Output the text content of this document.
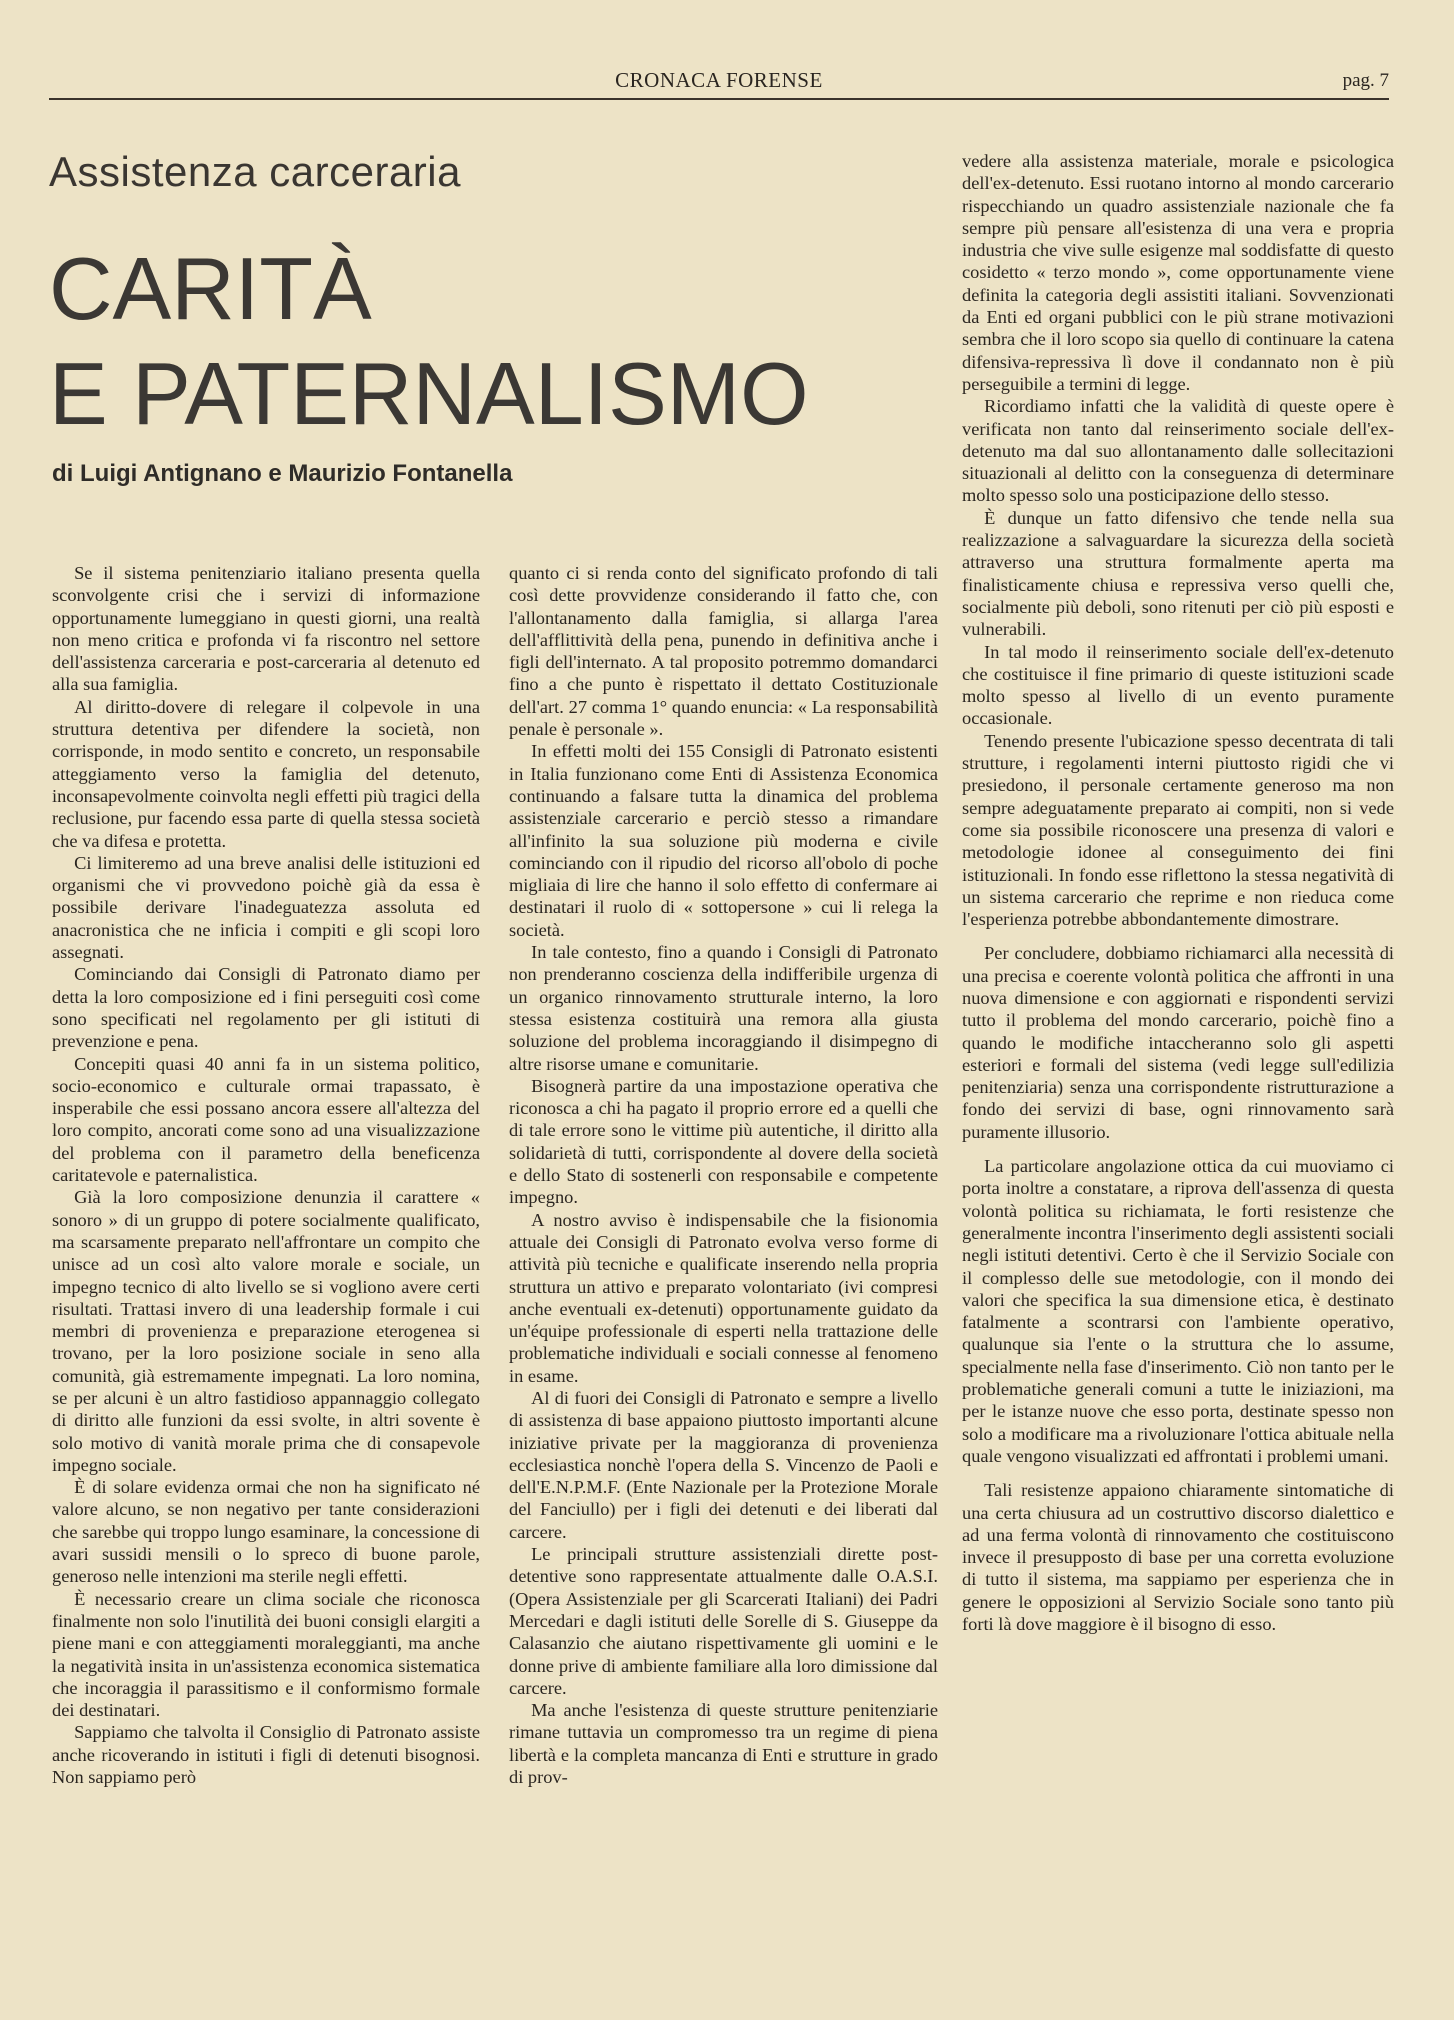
CRONACA FORENSE	pag. 7
Assistenza carceraria
CARITÀ
E PATERNALISMO
di Luigi Antignano e Maurizio Fontanella

Se il sistema penitenziario italiano presenta quella sconvolgente crisi che i servizi di informazione opportunamente lumeggiano in questi giorni, una realtà non meno critica e profonda vi fa riscontro nel settore dell'assistenza carceraria e post-carceraria al detenuto ed alla sua famiglia.

Al diritto-dovere di relegare il colpevole in una struttura detentiva per difendere la società, non corrisponde, in modo sentito e concreto, un responsabile atteggiamento verso la famiglia del detenuto, inconsapevolmente coinvolta negli effetti più tragici della reclusione, pur facendo essa parte di quella stessa società che va difesa e protetta.

Ci limiteremo ad una breve analisi delle istituzioni ed organismi che vi provvedono poichè già da essa è possibile derivare l'inadeguatezza assoluta ed anacronistica che ne inficia i compiti e gli scopi loro assegnati.

Cominciando dai Consigli di Patronato diamo per detta la loro composizione ed i fini perseguiti così come sono specificati nel regolamento per gli istituti di prevenzione e pena.

Concepiti quasi 40 anni fa in un sistema politico, socio-economico e culturale ormai trapassato, è insperabile che essi possano ancora essere all'altezza del loro compito, ancorati come sono ad una visualizzazione del problema con il parametro della beneficenza caritatevole e paternalistica.

Già la loro composizione denunzia il carattere « sonoro » di un gruppo di potere socialmente qualificato, ma scarsamente preparato nell'affrontare un compito che unisce ad un così alto valore morale e sociale, un impegno tecnico di alto livello se si vogliono avere certi risultati. Trattasi invero di una leadership formale i cui membri di provenienza e preparazione eterogenea si trovano, per la loro posizione sociale in seno alla comunità, già estremamente impegnati. La loro nomina, se per alcuni è un altro fastidioso appannaggio collegato di diritto alle funzioni da essi svolte, in altri sovente è solo motivo di vanità morale prima che di consapevole impegno sociale.

È di solare evidenza ormai che non ha significato né valore alcuno, se non negativo per tante considerazioni che sarebbe qui troppo lungo esaminare, la concessione di avari sussidi mensili o lo spreco di buone parole, generoso nelle intenzioni ma sterile negli effetti.

È necessario creare un clima sociale che riconosca finalmente non solo l'inutilità dei buoni consigli elargiti a piene mani e con atteggiamenti moraleggianti, ma anche la negatività insita in un'assistenza economica sistematica che incoraggia il parassitismo e il conformismo formale dei destinatari.

Sappiamo che talvolta il Consiglio di Patronato assiste anche ricoverando in istituti i figli di detenuti bisognosi. Non sappiamo però

quanto ci si renda conto del significato profondo di tali così dette provvidenze considerando il fatto che, con l'allontanamento dalla famiglia, si allarga l'area dell'afflittività della pena, punendo in definitiva anche i figli dell'internato. A tal proposito potremmo domandarci fino a che punto è rispettato il dettato Costituzionale dell'art. 27 comma 1° quando enuncia: « La responsabilità penale è personale ».

In effetti molti dei 155 Consigli di Patronato esistenti in Italia funzionano come Enti di Assistenza Economica continuando a falsare tutta la dinamica del problema assistenziale carcerario e perciò stesso a rimandare all'infinito la sua soluzione più moderna e civile cominciando con il ripudio del ricorso all'obolo di poche migliaia di lire che hanno il solo effetto di confermare ai destinatari il ruolo di « sottopersone » cui li relega la società.

In tale contesto, fino a quando i Consigli di Patronato non prenderanno coscienza della indifferibile urgenza di un organico rinnovamento strutturale interno, la loro stessa esistenza costituirà una remora alla giusta soluzione del problema incoraggiando il disimpegno di altre risorse umane e comunitarie.

Bisognerà partire da una impostazione operativa che riconosca a chi ha pagato il proprio errore ed a quelli che di tale errore sono le vittime più autentiche, il diritto alla solidarietà di tutti, corrispondente al dovere della società e dello Stato di sostenerli con responsabile e competente impegno.

A nostro avviso è indispensabile che la fisionomia attuale dei Consigli di Patronato evolva verso forme di attività più tecniche e qualificate inserendo nella propria struttura un attivo e preparato volontariato (ivi compresi anche eventuali ex-detenuti) opportunamente guidato da un'équipe professionale di esperti nella trattazione delle problematiche individuali e sociali connesse al fenomeno in esame.

Al di fuori dei Consigli di Patronato e sempre a livello di assistenza di base appaiono piuttosto importanti alcune iniziative private per la maggioranza di provenienza ecclesiastica nonchè l'opera della S. Vincenzo de Paoli e dell'E.N.P.M.F. (Ente Nazionale per la Protezione Morale del Fanciullo) per i figli dei detenuti e dei liberati dal carcere.

Le principali strutture assistenziali dirette post-detentive sono rappresentate attualmente dalle O.A.S.I. (Opera Assistenziale per gli Scarcerati Italiani) dei Padri Mercedari e dagli istituti delle Sorelle di S. Giuseppe da Calasanzio che aiutano rispettivamente gli uomini e le donne prive di ambiente familiare alla loro dimissione dal carcere.

Ma anche l'esistenza di queste strutture penitenziarie rimane tuttavia un compromesso tra un regime di piena libertà e la completa mancanza di Enti e strutture in grado di prov-

vedere alla assistenza materiale, morale e psicologica dell'ex-detenuto. Essi ruotano intorno al mondo carcerario rispecchiando un quadro assistenziale nazionale che fa sempre più pensare all'esistenza di una vera e propria industria che vive sulle esigenze mal soddisfatte di questo cosidetto « terzo mondo », come opportunamente viene definita la categoria degli assistiti italiani. Sovvenzionati da Enti ed organi pubblici con le più strane motivazioni sembra che il loro scopo sia quello di continuare la catena difensiva-repressiva lì dove il condannato non è più perseguibile a termini di legge.

Ricordiamo infatti che la validità di queste opere è verificata non tanto dal reinserimento sociale dell'ex-detenuto ma dal suo allontanamento dalle sollecitazioni situazionali al delitto con la conseguenza di determinare molto spesso solo una posticipazione dello stesso.

È dunque un fatto difensivo che tende nella sua realizzazione a salvaguardare la sicurezza della società attraverso una struttura formalmente aperta ma finalisticamente chiusa e repressiva verso quelli che, socialmente più deboli, sono ritenuti per ciò più esposti e vulnerabili.

In tal modo il reinserimento sociale dell'ex-detenuto che costituisce il fine primario di queste istituzioni scade molto spesso al livello di un evento puramente occasionale.

Tenendo presente l'ubicazione spesso decentrata di tali strutture, i regolamenti interni piuttosto rigidi che vi presiedono, il personale certamente generoso ma non sempre adeguatamente preparato ai compiti, non si vede come sia possibile riconoscere una presenza di valori e metodologie idonee al conseguimento dei fini istituzionali. In fondo esse riflettono la stessa negatività di un sistema carcerario che reprime e non rieduca come l'esperienza potrebbe abbondantemente dimostrare.

Per concludere, dobbiamo richiamarci alla necessità di una precisa e coerente volontà politica che affronti in una nuova dimensione e con aggiornati e rispondenti servizi tutto il problema del mondo carcerario, poichè fino a quando le modifiche intaccheranno solo gli aspetti esteriori e formali del sistema (vedi legge sull'edilizia penitenziaria) senza una corrispondente ristrutturazione a fondo dei servizi di base, ogni rinnovamento sarà puramente illusorio.

La particolare angolazione ottica da cui muoviamo ci porta inoltre a constatare, a riprova dell'assenza di questa volontà politica su richiamata, le forti resistenze che generalmente incontra l'inserimento degli assistenti sociali negli istituti detentivi. Certo è che il Servizio Sociale con il complesso delle sue metodologie, con il mondo dei valori che specifica la sua dimensione etica, è destinato fatalmente a scontrarsi con l'ambiente operativo, qualunque sia l'ente o la struttura che lo assume, specialmente nella fase d'inserimento. Ciò non tanto per le problematiche generali comuni a tutte le iniziazioni, ma per le istanze nuove che esso porta, destinate spesso non solo a modificare ma a rivoluzionare l'ottica abituale nella quale vengono visualizzati ed affrontati i problemi umani.

Tali resistenze appaiono chiaramente sintomatiche di una certa chiusura ad un costruttivo discorso dialettico e ad una ferma volontà di rinnovamento che costituiscono invece il presupposto di base per una corretta evoluzione di tutto il sistema, ma sappiamo per esperienza che in genere le opposizioni al Servizio Sociale sono tanto più forti là dove maggiore è il bisogno di esso.
